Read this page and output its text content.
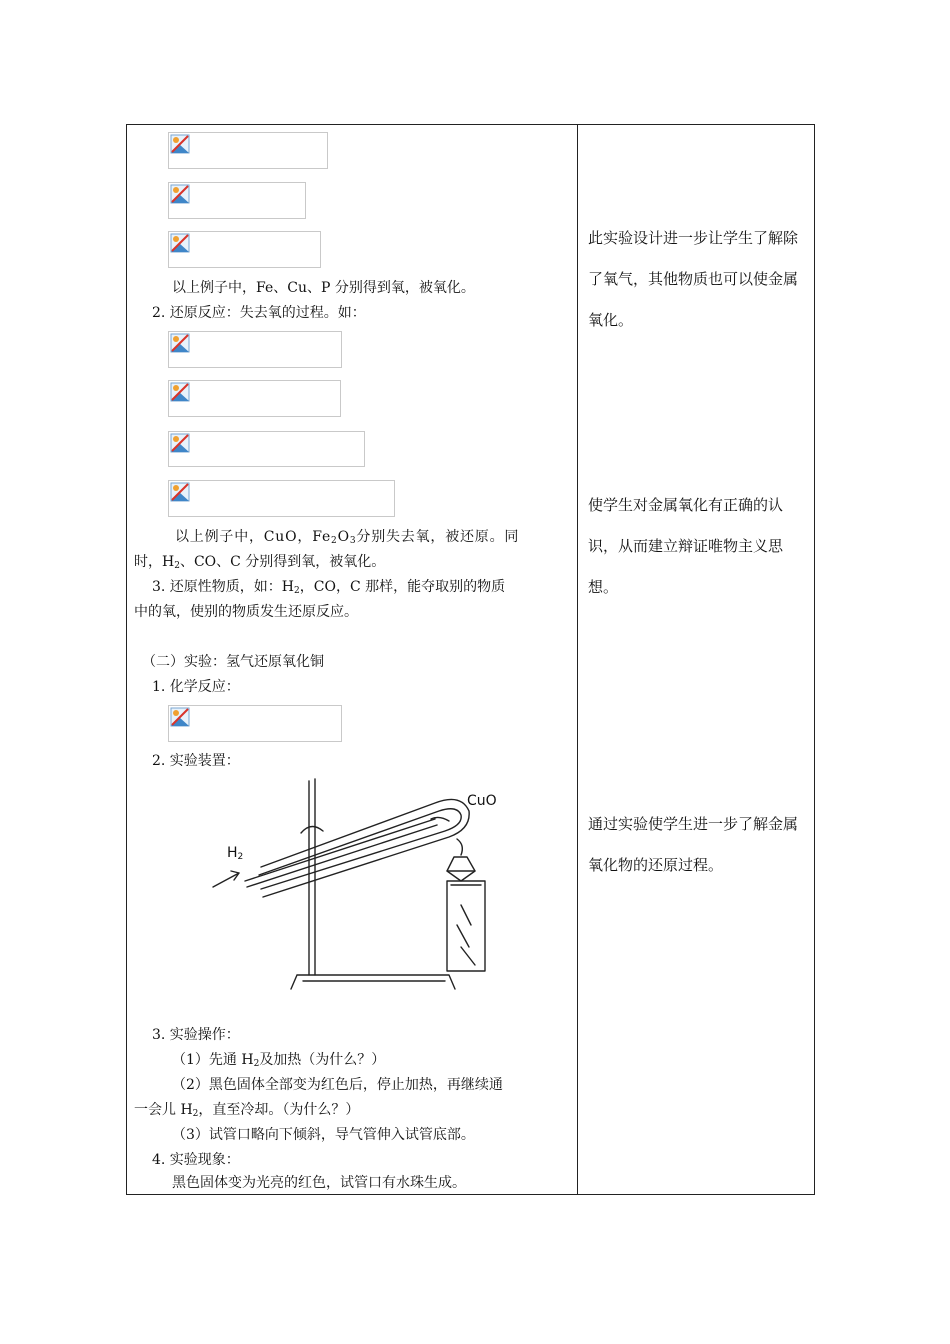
以上例子中，Fe、Cu、P 分别得到氧，被氧化。
2. 还原反应：失去氧的过程。如：
以上例子中，CuO，$Fe_2O_3$分别失去氧，被还原。同
时，$H_2$、CO、C 分别得到氧，被氧化。
3. 还原性物质，如：$H_2$，CO，C 那样，能夺取别的物质
中的氧，使别的物质发生还原反应。
（二）实验：氢气还原氧化铜
1. 化学反应：
2. 实验装置：
CuO
$H_2$
3. 实验操作：
（1）先通 $H_2$及加热（为什么？）
（2）黑色固体全部变为红色后，停止加热，再继续通
一会儿 $H_2$，直至冷却。（为什么？）
（3）试管口略向下倾斜，导气管伸入试管底部。
4. 实验现象：
黑色固体变为光亮的红色，试管口有水珠生成。
此实验设计进一步让学生了解除了氧气，其他物质也可以使金属氧化。
使学生对金属氧化有正确的认识，从而建立辩证唯物主义思想。
通过实验使学生进一步了解金属氧化物的还原过程。
